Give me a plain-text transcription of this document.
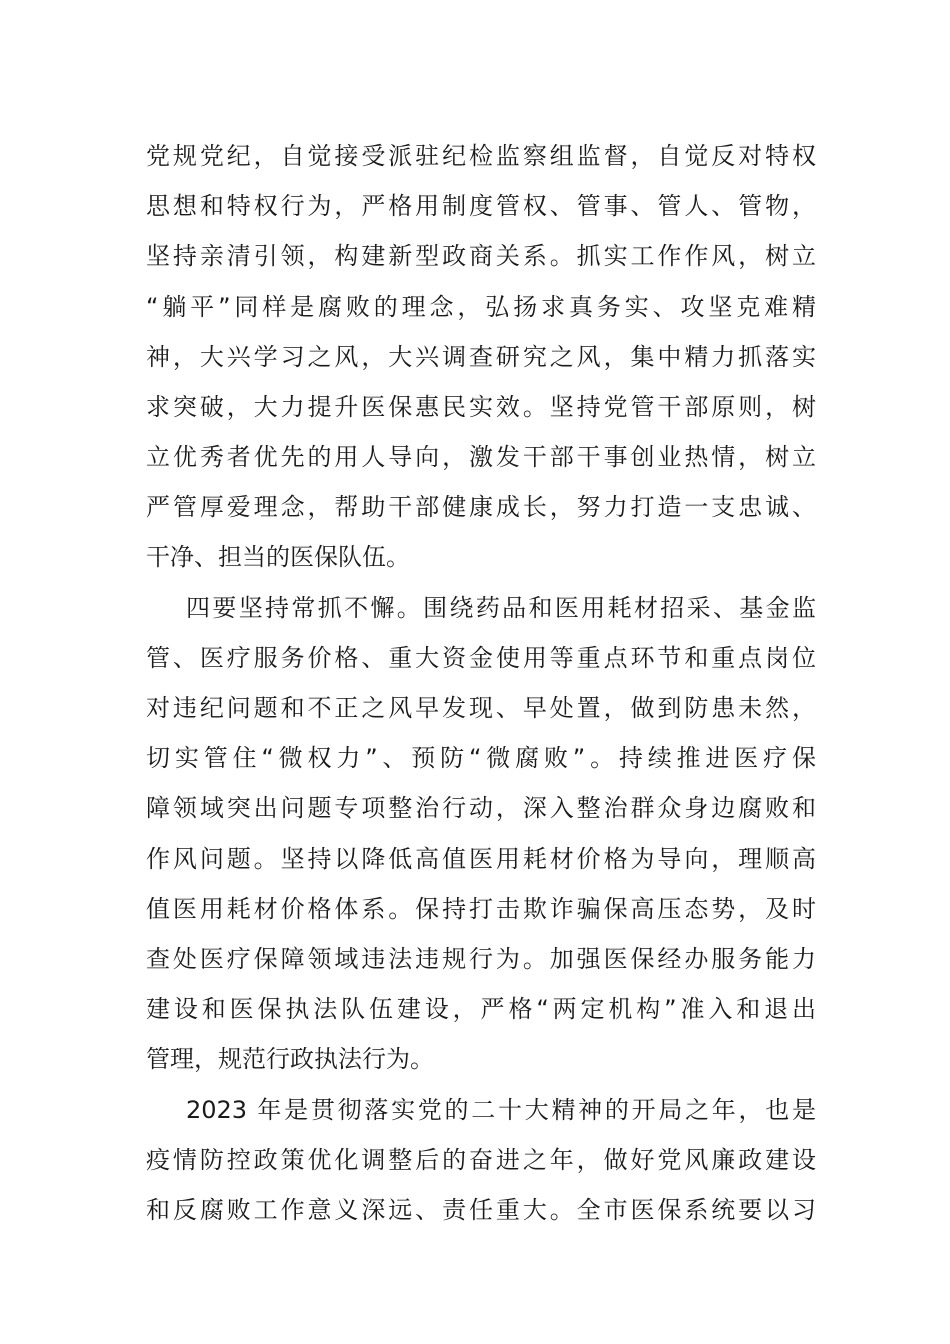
党规党纪，自觉接受派驻纪检监察组监督，自觉反对特权
思想和特权行为，严格用制度管权、管事、管人、管物，
坚持亲清引领，构建新型政商关系。抓实工作作风，树立
“躺平”同样是腐败的理念，弘扬求真务实、攻坚克难精
神，大兴学习之风，大兴调查研究之风，集中精力抓落实
求突破，大力提升医保惠民实效。坚持党管干部原则，树
立优秀者优先的用人导向，激发干部干事创业热情，树立
严管厚爱理念，帮助干部健康成长，努力打造一支忠诚、
干净、担当的医保队伍。
四要坚持常抓不懈。围绕药品和医用耗材招采、基金监
管、医疗服务价格、重大资金使用等重点环节和重点岗位
对违纪问题和不正之风早发现、早处置，做到防患未然，
切实管住“微权力”、预防“微腐败”。持续推进医疗保
障领域突出问题专项整治行动，深入整治群众身边腐败和
作风问题。坚持以降低高值医用耗材价格为导向，理顺高
值医用耗材价格体系。保持打击欺诈骗保高压态势，及时
查处医疗保障领域违法违规行为。加强医保经办服务能力
建设和医保执法队伍建设，严格“两定机构”准入和退出
管理，规范行政执法行为。
2023 年是贯彻落实党的二十大精神的开局之年，也是
疫情防控政策优化调整后的奋进之年，做好党风廉政建设
和反腐败工作意义深远、责任重大。全市医保系统要以习
